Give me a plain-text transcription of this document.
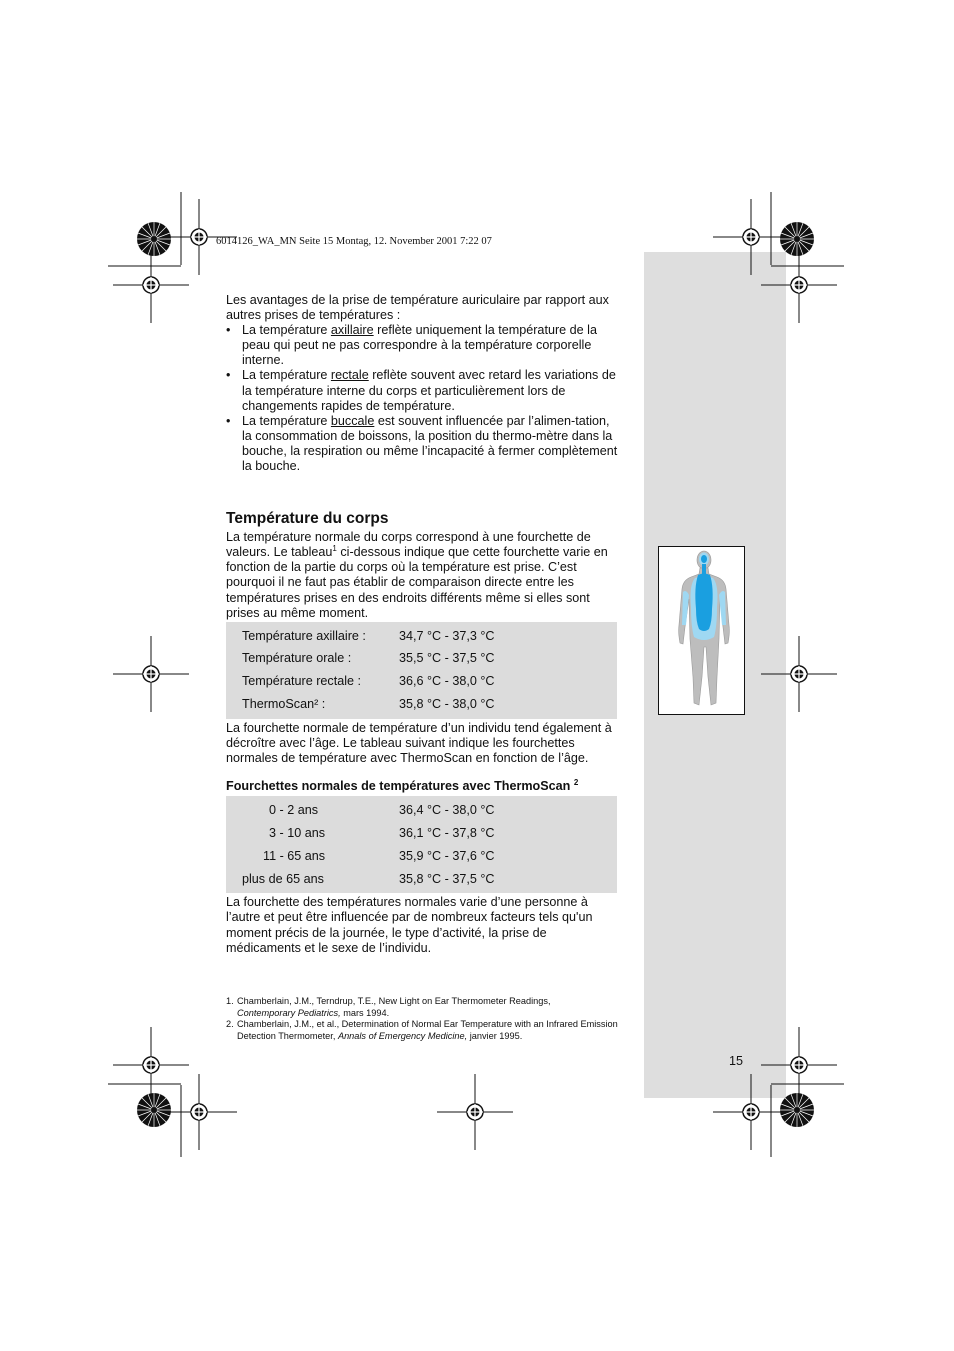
6014126_WA_MN Seite 15 Montag, 12. November 2001 7:22 07

Les avantages de la prise de température auriculaire par rapport aux autres prises de températures :

• La température axillaire reflète uniquement la température de la peau qui peut ne pas correspondre à la température corporelle interne.
• La température rectale reflète souvent avec retard les variations de la température interne du corps et particulièrement lors de changements rapides de température.
• La température buccale est souvent influencée par l’alimen-tation, la consommation de boissons, la position du thermo-mètre dans la bouche, la respiration ou même l’incapacité à fermer complètement la bouche.
Température du corps

La température normale du corps correspond à une fourchette de valeurs. Le tableau$^1$ ci-dessous indique que cette fourchette varie en fonction de la partie du corps où la température est prise. C’est pourquoi il ne faut pas établir de comparaison directe entre les températures prises en des endroits différents même si elles sont prises au même moment.

Température axillaire :	34,7 °C - 37,3 °C
Température orale :	35,5 °C - 37,5 °C
Température rectale :	36,6 °C - 38,0 °C
ThermoScan² :	35,8 °C - 38,0 °C

La fourchette normale de température d’un individu tend également à décroître avec l’âge. Le tableau suivant indique les fourchettes normales de température avec ThermoScan en fonction de l’âge.

Fourchettes normales de températures avec ThermoScan $^2$
0 - 2 ans	36,4 °C - 38,0 °C
3 - 10 ans	36,1 °C - 37,8 °C
11 - 65 ans	35,9 °C - 37,6 °C
plus de 65 ans	35,8 °C - 37,5 °C

La fourchette des températures normales varie d’une personne à l’autre et peut être influencée par de nombreux facteurs tels qu'un moment précis de la journée, le type d’activité, la prise de médicaments et le sexe de l’individu.

1. Chamberlain, J.M., Terndrup, T.E., New Light on Ear Thermometer Readings,
Contemporary Pediatrics, mars 1994.
2. Chamberlain, J.M., et al., Determination of Normal Ear Temperature with an Infrared Emission Detection Thermometer, Annals of Emergency Medicine, janvier 1995.
15
